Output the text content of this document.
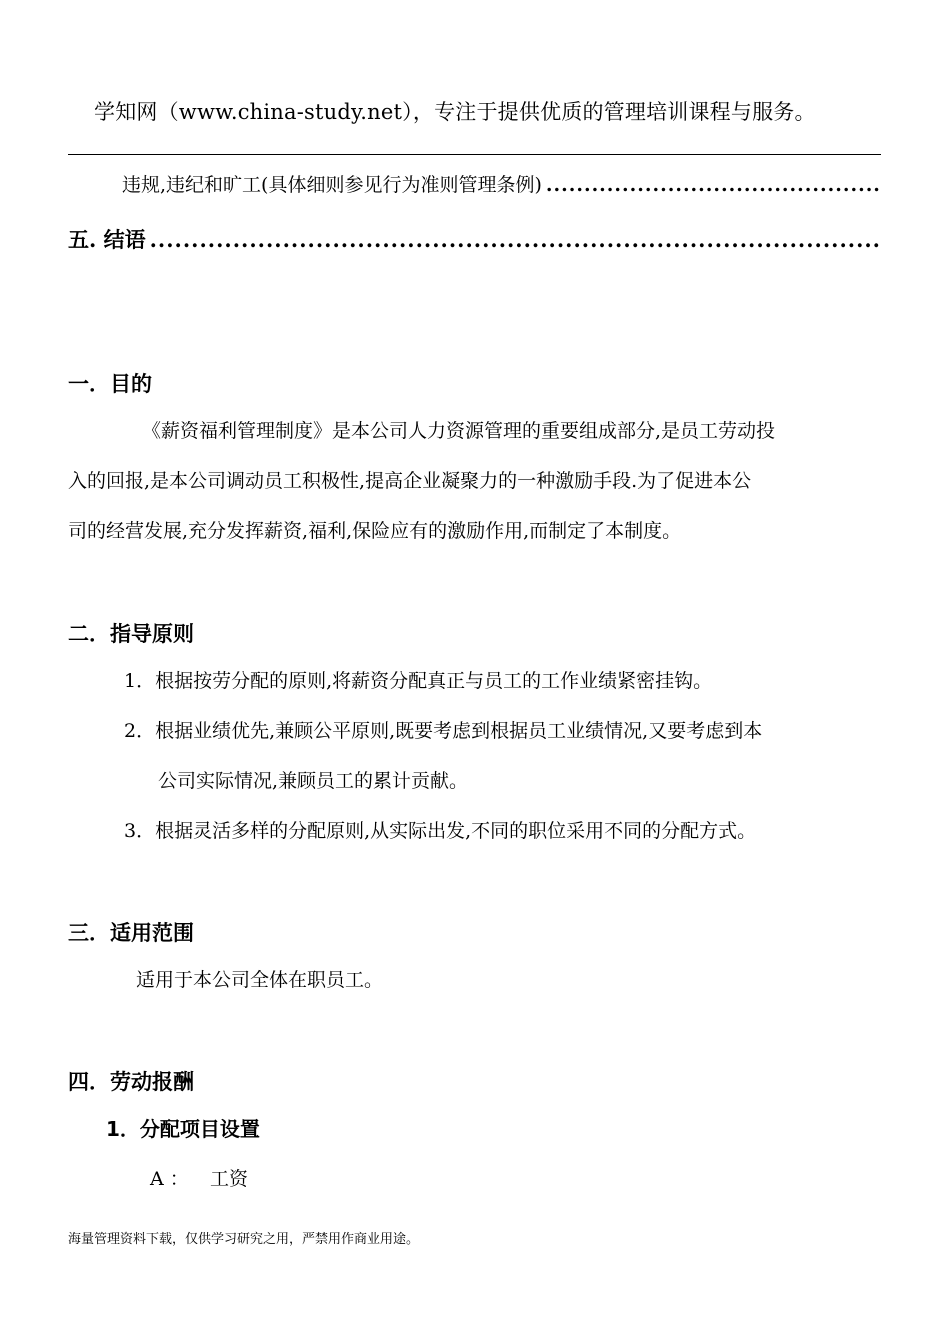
学知网（www.china-study.net），专注于提供优质的管理培训课程与服务。
违规,违纪和旷工(具体细则参见行为准则管理条例)
.....
五. 结语
.....
一．目的
《薪资福利管理制度》是本公司人力资源管理的重要组成部分,是员工劳动投
入的回报,是本公司调动员工积极性,提高企业凝聚力的一种激励手段.为了促进本公
司的经营发展,充分发挥薪资,福利,保险应有的激励作用,而制定了本制度。
二．指导原则
1．根据按劳分配的原则,将薪资分配真正与员工的工作业绩紧密挂钩。
2．根据业绩优先,兼顾公平原则,既要考虑到根据员工业绩情况,又要考虑到本
公司实际情况,兼顾员工的累计贡献。
3．根据灵活多样的分配原则,从实际出发,不同的职位采用不同的分配方式。
三．适用范围
适用于本公司全体在职员工。
四．劳动报酬
1．分配项目设置
A ： 工资
海量管理资料下载，仅供学习研究之用，严禁用作商业用途。
